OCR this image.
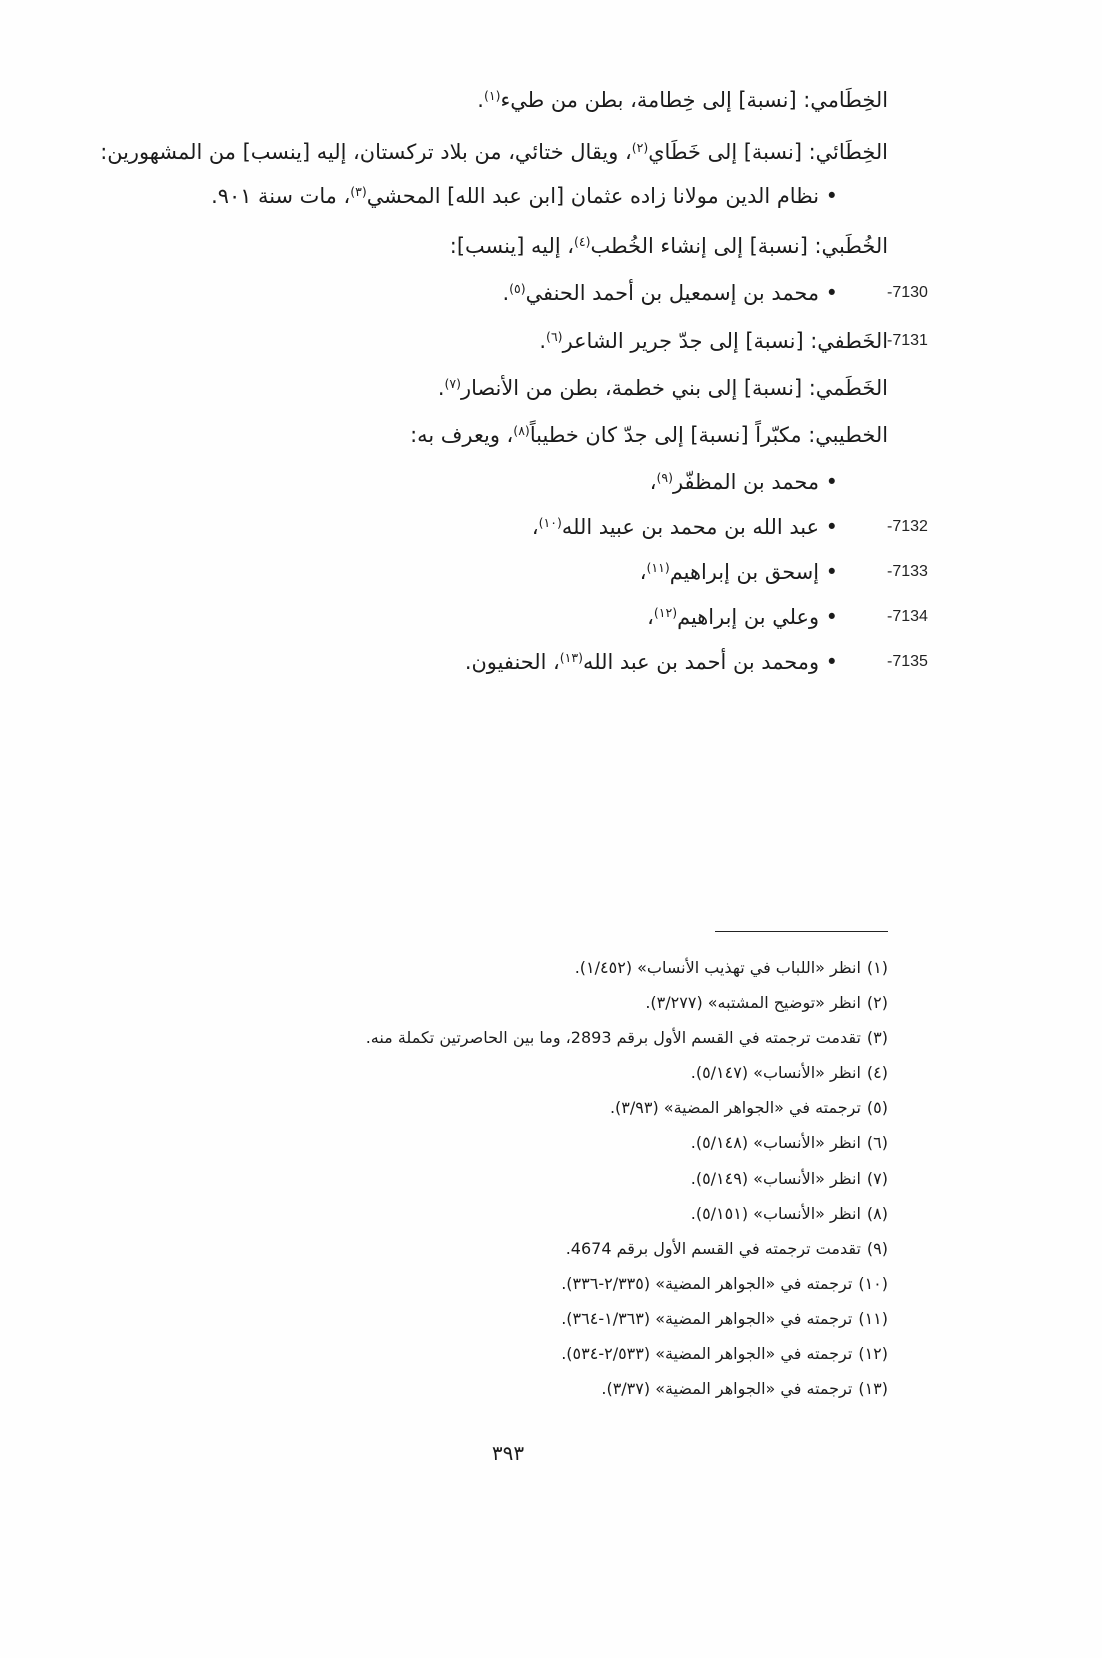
الخِطَامي: [نسبة] إلى خِطامة، بطن من طيء$^{(١)}$.
الخِطَائي: [نسبة] إلى خَطَاي$^{(٢)}$، ويقال ختائي، من بلاد تركستان، إليه [ينسب] من المشهورين:
• نظام الدين مولانا زاده عثمان [ابن عبد الله] المحشي$^{(٣)}$، مات سنة ٩٠١.
الخُطَبي: [نسبة] إلى إنشاء الخُطب$^{(٤)}$، إليه [ينسب]:
-7130
• محمد بن إسمعيل بن أحمد الحنفي$^{(٥)}$.
-7131
الخَطفي: [نسبة] إلى جدّ جرير الشاعر$^{(٦)}$.
الخَطَمي: [نسبة] إلى بني خطمة، بطن من الأنصار$^{(٧)}$.
الخطيبي: مكبّراً [نسبة] إلى جدّ كان خطيباً$^{(٨)}$، ويعرف به:
• محمد بن المظفّر$^{(٩)}$،
-7132
• عبد الله بن محمد بن عبيد الله$^{(١٠)}$،
-7133
• إسحق بن إبراهيم$^{(١١)}$،
-7134
• وعلي بن إبراهيم$^{(١٢)}$،
-7135
• ومحمد بن أحمد بن عبد الله$^{(١٣)}$، الحنفيون.
(١)انظر «اللباب في تهذيب الأنساب» (١/٤٥٢).
(٢)انظر «توضيح المشتبه» (٣/٢٧٧).
(٣)تقدمت ترجمته في القسم الأول برقم 2893، وما بين الحاصرتين تكملة منه.
(٤)انظر «الأنساب» (٥/١٤٧).
(٥)ترجمته في «الجواهر المضية» (٣/٩٣).
(٦)انظر «الأنساب» (٥/١٤٨).
(٧)انظر «الأنساب» (٥/١٤٩).
(٨)انظر «الأنساب» (٥/١٥١).
(٩)تقدمت ترجمته في القسم الأول برقم 4674.
(١٠)ترجمته في «الجواهر المضية» (٢/٣٣٥-٣٣٦).
(١١)ترجمته في «الجواهر المضية» (١/٣٦٣-٣٦٤).
(١٢)ترجمته في «الجواهر المضية» (٢/٥٣٣-٥٣٤).
(١٣)ترجمته في «الجواهر المضية» (٣/٣٧).
٣٩٣
